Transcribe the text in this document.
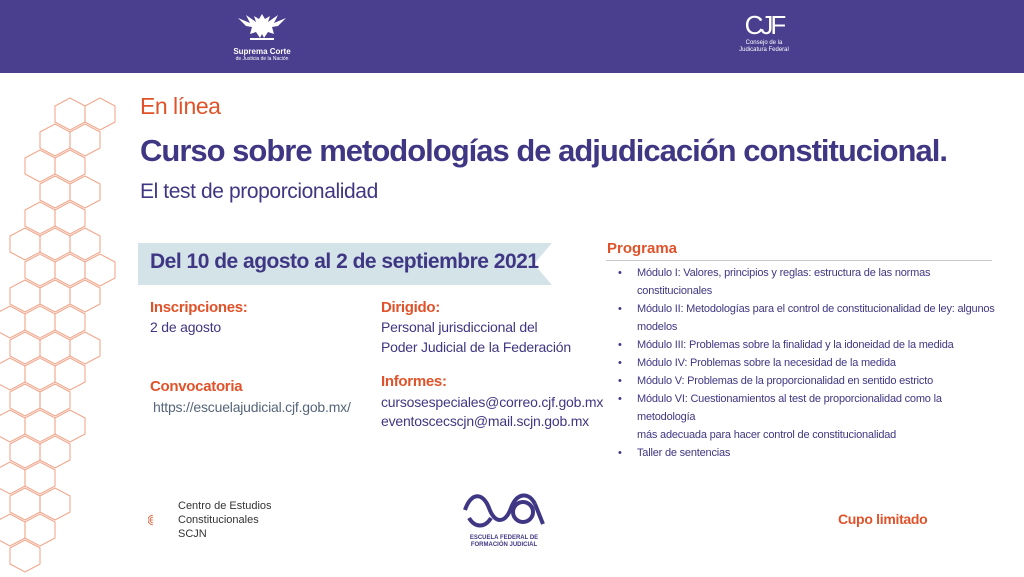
Suprema Corte
de Justicia de la Nación
CJF
Consejo de la
Judicatura Federal
En línea
Curso sobre metodologías de adjudicación constitucional.
El test de proporcionalidad
Del 10 de agosto al 2 de septiembre 2021
Inscripciones:
2 de agosto
Convocatoria
https://escuelajudicial.cjf.gob.mx/
Dirigido:
Personal jurisdiccional del
Poder Judicial de la Federación
Informes:
cursosespeciales@correo.cjf.gob.mx
eventoscecscjn@mail.scjn.gob.mx
Programa
• Módulo I: Valores, principios y reglas: estructura de las normas constitucionales
• Módulo II: Metodologías para el control de constitucionalidad de ley: algunos
modelos
• Módulo III: Problemas sobre la finalidad y la idoneidad de la medida
• Módulo IV: Problemas sobre la necesidad de la medida
• Módulo V: Problemas de la proporcionalidad en sentido estricto
• Módulo VI: Cuestionamientos al test de proporcionalidad como la metodología
más adecuada para hacer control de constitucionalidad
• Taller de sentencias
Centro de Estudios
Constitucionales
SCJN	ESCUELA FEDERAL DE
FORMACIÓN JUDICIAL
Cupo limitado
